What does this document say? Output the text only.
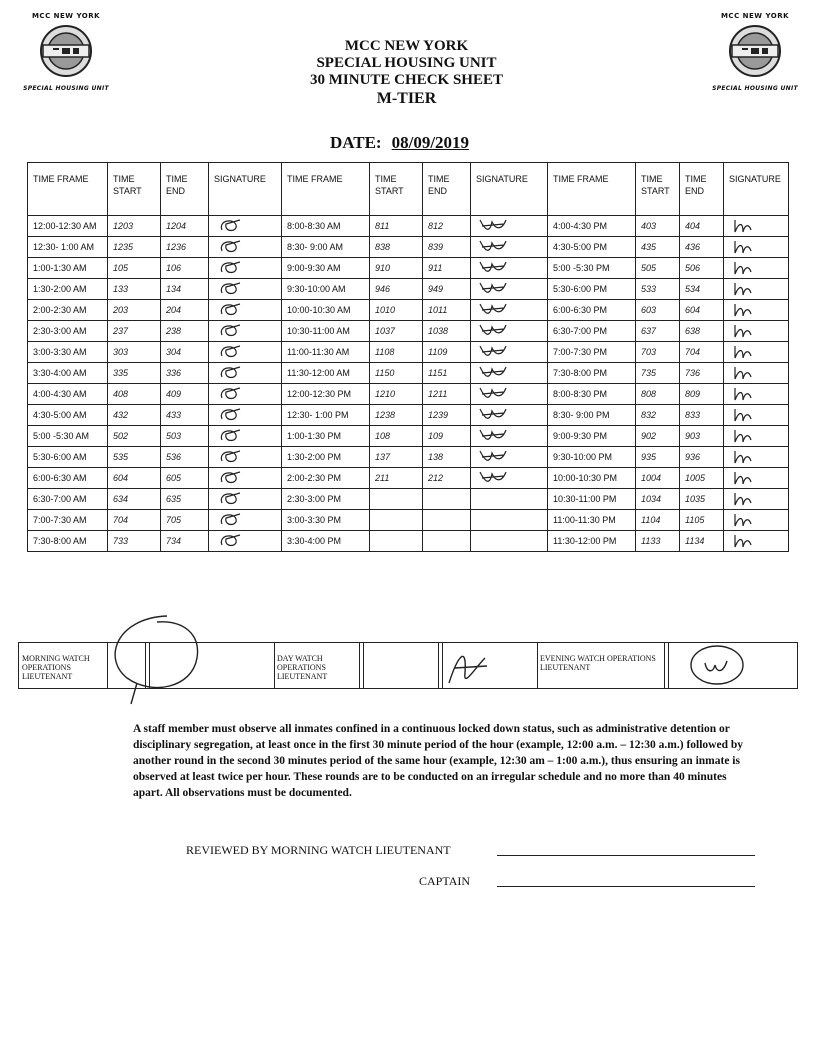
MCC NEW YORK
SPECIAL HOUSING UNIT
MCC NEW YORK
SPECIAL HOUSING UNIT
MCC NEW YORK
SPECIAL HOUSING UNIT
30 MINUTE CHECK SHEET
M-TIER
DATE: 08/09/2019
TIME FRAME	TIME START	TIME END	SIGNATURE	TIME FRAME	TIME START	TIME END	SIGNATURE	TIME FRAME	TIME START	TIME END	SIGNATURE
12:00-12:30 AM	1203	1204		8:00-8:30 AM	811	812		4:00-4:30 PM	403	404	
12:30- 1:00 AM	1235	1236		8:30- 9:00 AM	838	839		4:30-5:00 PM	435	436	
1:00-1:30 AM	105	106		9:00-9:30 AM	910	911		5:00 -5:30 PM	505	506	
1:30-2:00 AM	133	134		9:30-10:00 AM	946	949		5:30-6:00 PM	533	534	
2:00-2:30 AM	203	204		10:00-10:30 AM	1010	1011		6:00-6:30 PM	603	604	
2:30-3:00 AM	237	238		10:30-11:00 AM	1037	1038		6:30-7:00 PM	637	638	
3:00-3:30 AM	303	304		11:00-11:30 AM	1108	1109		7:00-7:30 PM	703	704	
3:30-4:00 AM	335	336		11:30-12:00 AM	1150	1151		7:30-8:00 PM	735	736	
4:00-4:30 AM	408	409		12:00-12:30 PM	1210	1211		8:00-8:30 PM	808	809	
4:30-5:00 AM	432	433		12:30- 1:00 PM	1238	1239		8:30- 9:00 PM	832	833	
5:00 -5:30 AM	502	503		1:00-1:30 PM	108	109		9:00-9:30 PM	902	903	
5:30-6:00 AM	535	536		1:30-2:00 PM	137	138		9:30-10:00 PM	935	936	
6:00-6:30 AM	604	605		2:00-2:30 PM	211	212		10:00-10:30 PM	1004	1005	
6:30-7:00 AM	634	635		2:30-3:00 PM				10:30-11:00 PM	1034	1035	
7:00-7:30 AM	704	705		3:00-3:30 PM				11:00-11:30 PM	1104	1105	
7:30-8:00 AM	733	734		3:30-4:00 PM				11:30-12:00 PM	1133	1134	
MORNING WATCH OPERATIONS LIEUTENANT
DAY WATCH OPERATIONS LIEUTENANT
EVENING WATCH OPERATIONS LIEUTENANT
A staff member must observe all inmates confined in a continuous locked down status, such as administrative detention or disciplinary segregation, at least once in the first 30 minute period of the hour (example, 12:00 a.m. – 12:30 a.m.) followed by another round in the second 30 minutes period of the same hour (example, 12:30 am – 1:00 a.m.), thus ensuring an inmate is observed at least twice per hour. These rounds are to be conducted on an irregular schedule and no more than 40 minutes apart. All observations must be documented.
REVIEWED BY MORNING WATCH LIEUTENANT
CAPTAIN
